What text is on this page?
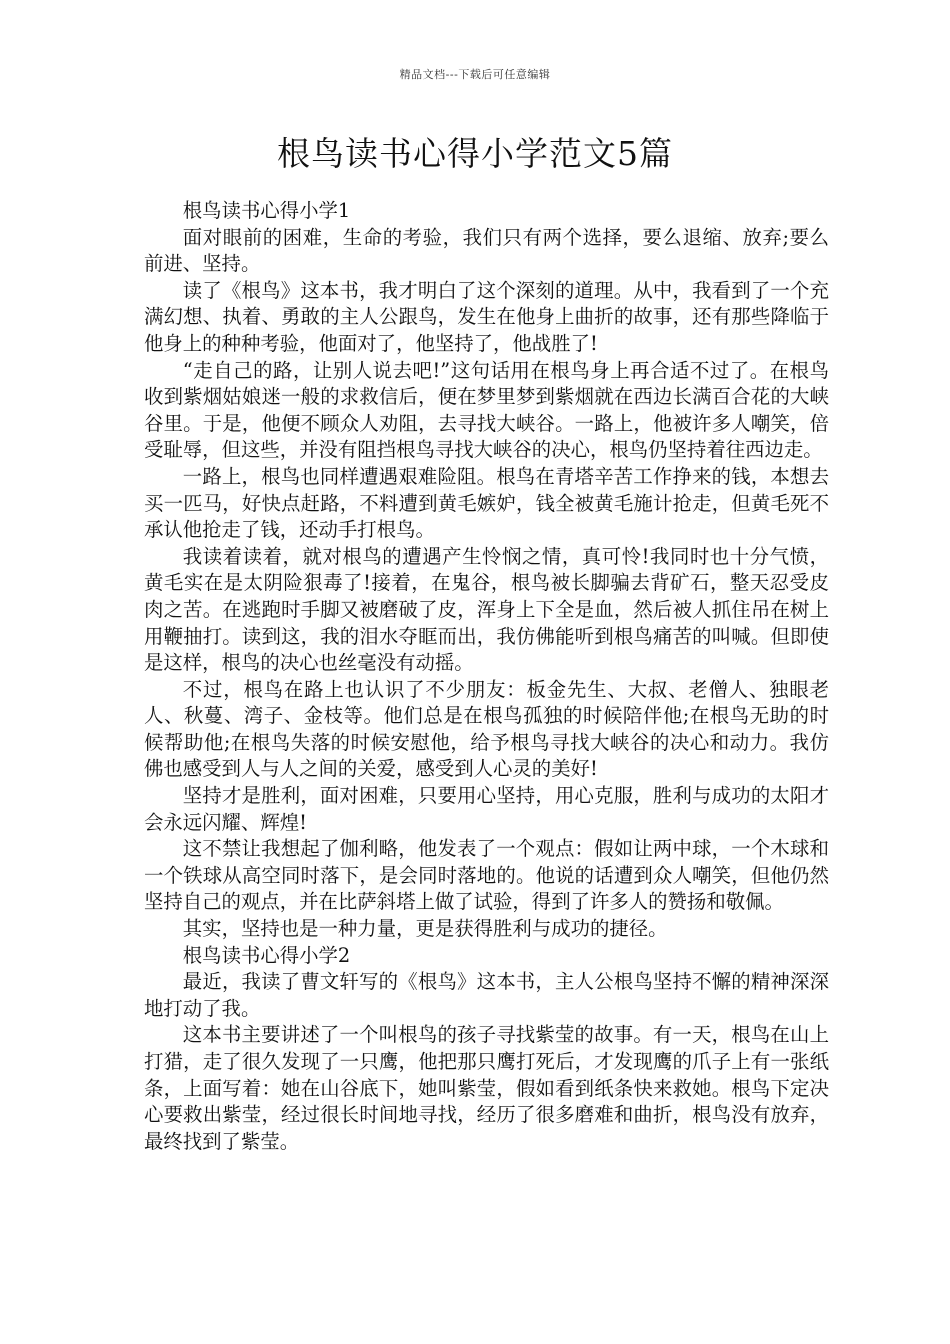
精品文档---下载后可任意编辑
根鸟读书心得小学范文5篇

根鸟读书心得小学1

面对眼前的困难，生命的考验，我们只有两个选择，要么退缩、放弃;要么前进、坚持。

读了《根鸟》这本书，我才明白了这个深刻的道理。从中，我看到了一个充满幻想、执着、勇敢的主人公跟鸟，发生在他身上曲折的故事，还有那些降临于他身上的种种考验，他面对了，他坚持了，他战胜了!

“走自己的路，让别人说去吧!”这句话用在根鸟身上再合适不过了。在根鸟收到紫烟姑娘迷一般的求救信后，便在梦里梦到紫烟就在西边长满百合花的大峡谷里。于是，他便不顾众人劝阻，去寻找大峡谷。一路上，他被许多人嘲笑，倍受耻辱，但这些，并没有阻挡根鸟寻找大峡谷的决心，根鸟仍坚持着往西边走。

一路上，根鸟也同样遭遇艰难险阻。根鸟在青塔辛苦工作挣来的钱，本想去买一匹马，好快点赶路，不料遭到黄毛嫉妒，钱全被黄毛施计抢走，但黄毛死不承认他抢走了钱，还动手打根鸟。

我读着读着，就对根鸟的遭遇产生怜悯之情，真可怜!我同时也十分气愤，黄毛实在是太阴险狠毒了!接着，在鬼谷，根鸟被长脚骗去背矿石，整天忍受皮肉之苦。在逃跑时手脚又被磨破了皮，浑身上下全是血，然后被人抓住吊在树上用鞭抽打。读到这，我的泪水夺眶而出，我仿佛能听到根鸟痛苦的叫喊。但即使是这样，根鸟的决心也丝毫没有动摇。

不过，根鸟在路上也认识了不少朋友：板金先生、大叔、老僧人、独眼老人、秋蔓、湾子、金枝等。他们总是在根鸟孤独的时候陪伴他;在根鸟无助的时候帮助他;在根鸟失落的时候安慰他，给予根鸟寻找大峡谷的决心和动力。我仿佛也感受到人与人之间的关爱，感受到人心灵的美好!

坚持才是胜利，面对困难，只要用心坚持，用心克服，胜利与成功的太阳才会永远闪耀、辉煌!

这不禁让我想起了伽利略，他发表了一个观点：假如让两中球，一个木球和一个铁球从高空同时落下，是会同时落地的。他说的话遭到众人嘲笑，但他仍然坚持自己的观点，并在比萨斜塔上做了试验，得到了许多人的赞扬和敬佩。

其实，坚持也是一种力量，更是获得胜利与成功的捷径。

根鸟读书心得小学2

最近，我读了曹文轩写的《根鸟》这本书，主人公根鸟坚持不懈的精神深深地打动了我。

这本书主要讲述了一个叫根鸟的孩子寻找紫莹的故事。有一天，根鸟在山上打猎，走了很久发现了一只鹰，他把那只鹰打死后，才发现鹰的爪子上有一张纸条，上面写着：她在山谷底下，她叫紫莹，假如看到纸条快来救她。根鸟下定决心要救出紫莹，经过很长时间地寻找，经历了很多磨难和曲折，根鸟没有放弃，最终找到了紫莹。
